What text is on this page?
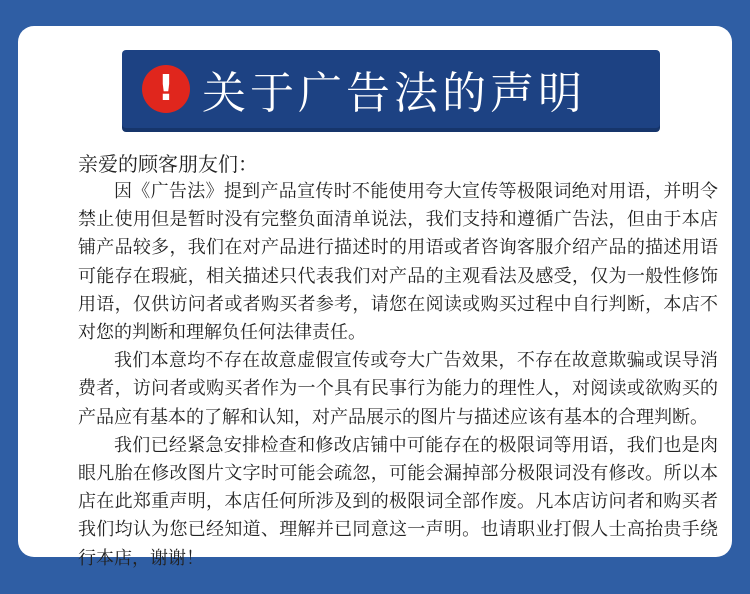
! 关于广告法的声明

亲爱的顾客朋友们：

因《广告法》提到产品宣传时不能使用夸大宣传等极限词绝对用语，并明令禁止使用但是暂时没有完整负面清单说法，我们支持和遵循广告法，但由于本店铺产品较多，我们在对产品进行描述时的用语或者咨询客服介绍产品的描述用语可能存在瑕疵，相关描述只代表我们对产品的主观看法及感受，仅为一般性修饰用语，仅供访问者或者购买者参考，请您在阅读或购买过程中自行判断，本店不对您的判断和理解负任何法律责任。

我们本意均不存在故意虚假宣传或夸大广告效果，不存在故意欺骗或误导消费者，访问者或购买者作为一个具有民事行为能力的理性人，对阅读或欲购买的产品应有基本的了解和认知，对产品展示的图片与描述应该有基本的合理判断。

我们已经紧急安排检查和修改店铺中可能存在的极限词等用语，我们也是肉眼凡胎在修改图片文字时可能会疏忽，可能会漏掉部分极限词没有修改。所以本店在此郑重声明，本店任何所涉及到的极限词全部作废。凡本店访问者和购买者我们均认为您已经知道、理解并已同意这一声明。也请职业打假人士高抬贵手绕行本店，谢谢！
